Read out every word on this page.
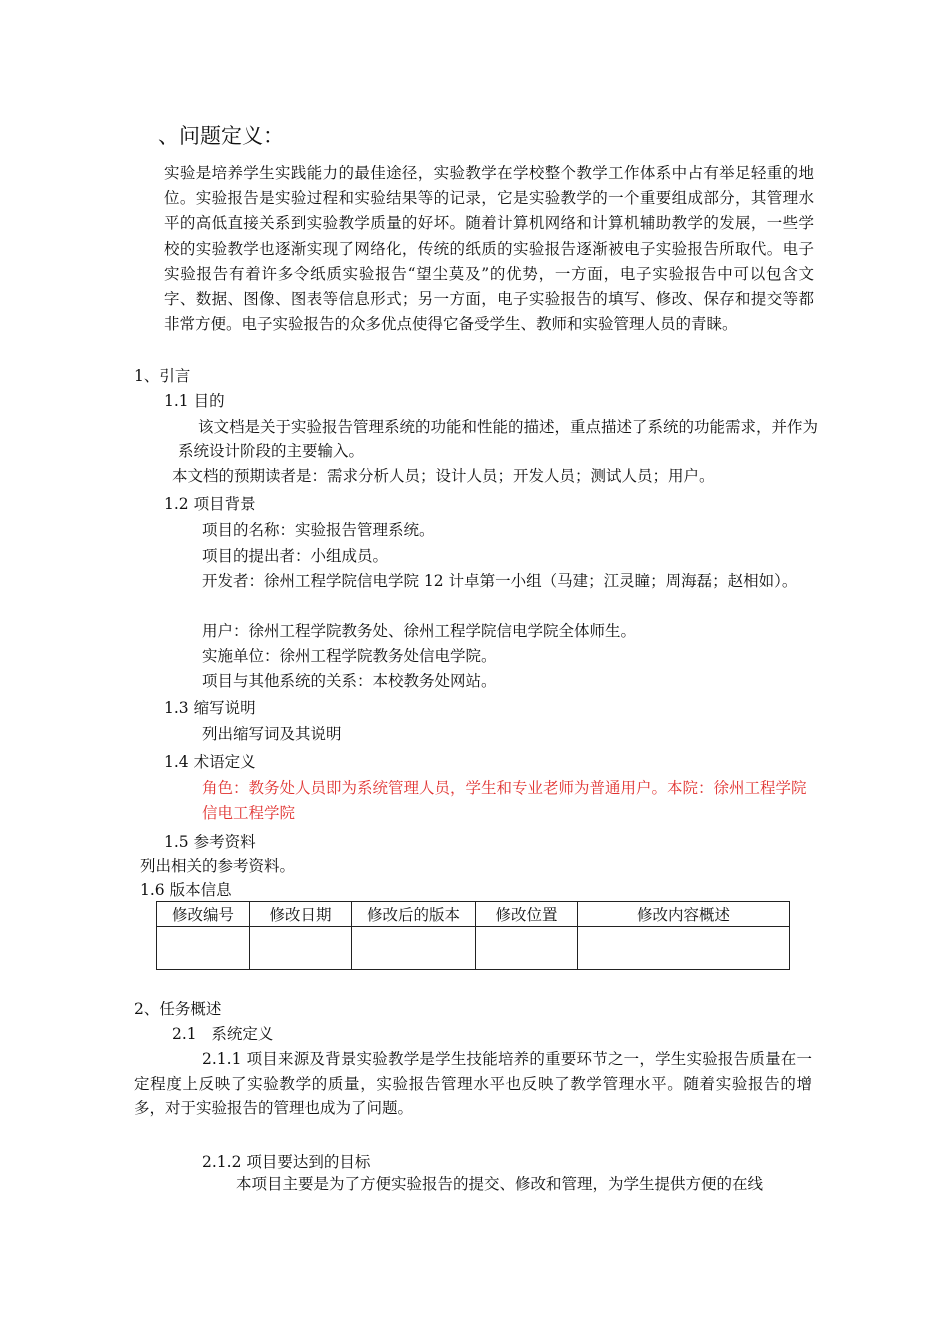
、问题定义：
实验是培养学生实践能力的最佳途径，实验教学在学校整个教学工作体系中占有举足轻重的地位。实验报告是实验过程和实验结果等的记录，它是实验教学的一个重要组成部分，其管理水平的高低直接关系到实验教学质量的好坏。随着计算机网络和计算机辅助教学的发展，一些学校的实验教学也逐渐实现了网络化，传统的纸质的实验报告逐渐被电子实验报告所取代。电子实验报告有着许多令纸质实验报告“望尘莫及”的优势，一方面，电子实验报告中可以包含文字、数据、图像、图表等信息形式；另一方面，电子实验报告的填写、修改、保存和提交等都非常方便。电子实验报告的众多优点使得它备受学生、教师和实验管理人员的青睐。
1、引言
1.1 目的
该文档是关于实验报告管理系统的功能和性能的描述，重点描述了系统的功能需求，并作为系统设计阶段的主要输入。
本文档的预期读者是：需求分析人员；设计人员；开发人员；测试人员；用户。
1.2 项目背景
项目的名称：实验报告管理系统。
项目的提出者：小组成员。
开发者：徐州工程学院信电学院 12 计卓第一小组（马建；江灵瞳；周海磊；赵相如）。
用户：徐州工程学院教务处、徐州工程学院信电学院全体师生。
实施单位：徐州工程学院教务处信电学院。
项目与其他系统的关系：本校教务处网站。
1.3 缩写说明
列出缩写词及其说明
1.4 术语定义
角色：教务处人员即为系统管理人员，学生和专业老师为普通用户。本院：徐州工程学院信电工程学院
1.5 参考资料
列出相关的参考资料。
1.6 版本信息
修改编号	修改日期	修改后的版本	修改位置	修改内容概述

2、任务概述
2.1   系统定义
2.1.1 项目来源及背景实验教学是学生技能培养的重要环节之一，学生实验报告质量在一定程度上反映了实验教学的质量，实验报告管理水平也反映了教学管理水平。随着实验报告的增多，对于实验报告的管理也成为了问题。
2.1.2 项目要达到的目标
本项目主要是为了方便实验报告的提交、修改和管理，为学生提供方便的在线
